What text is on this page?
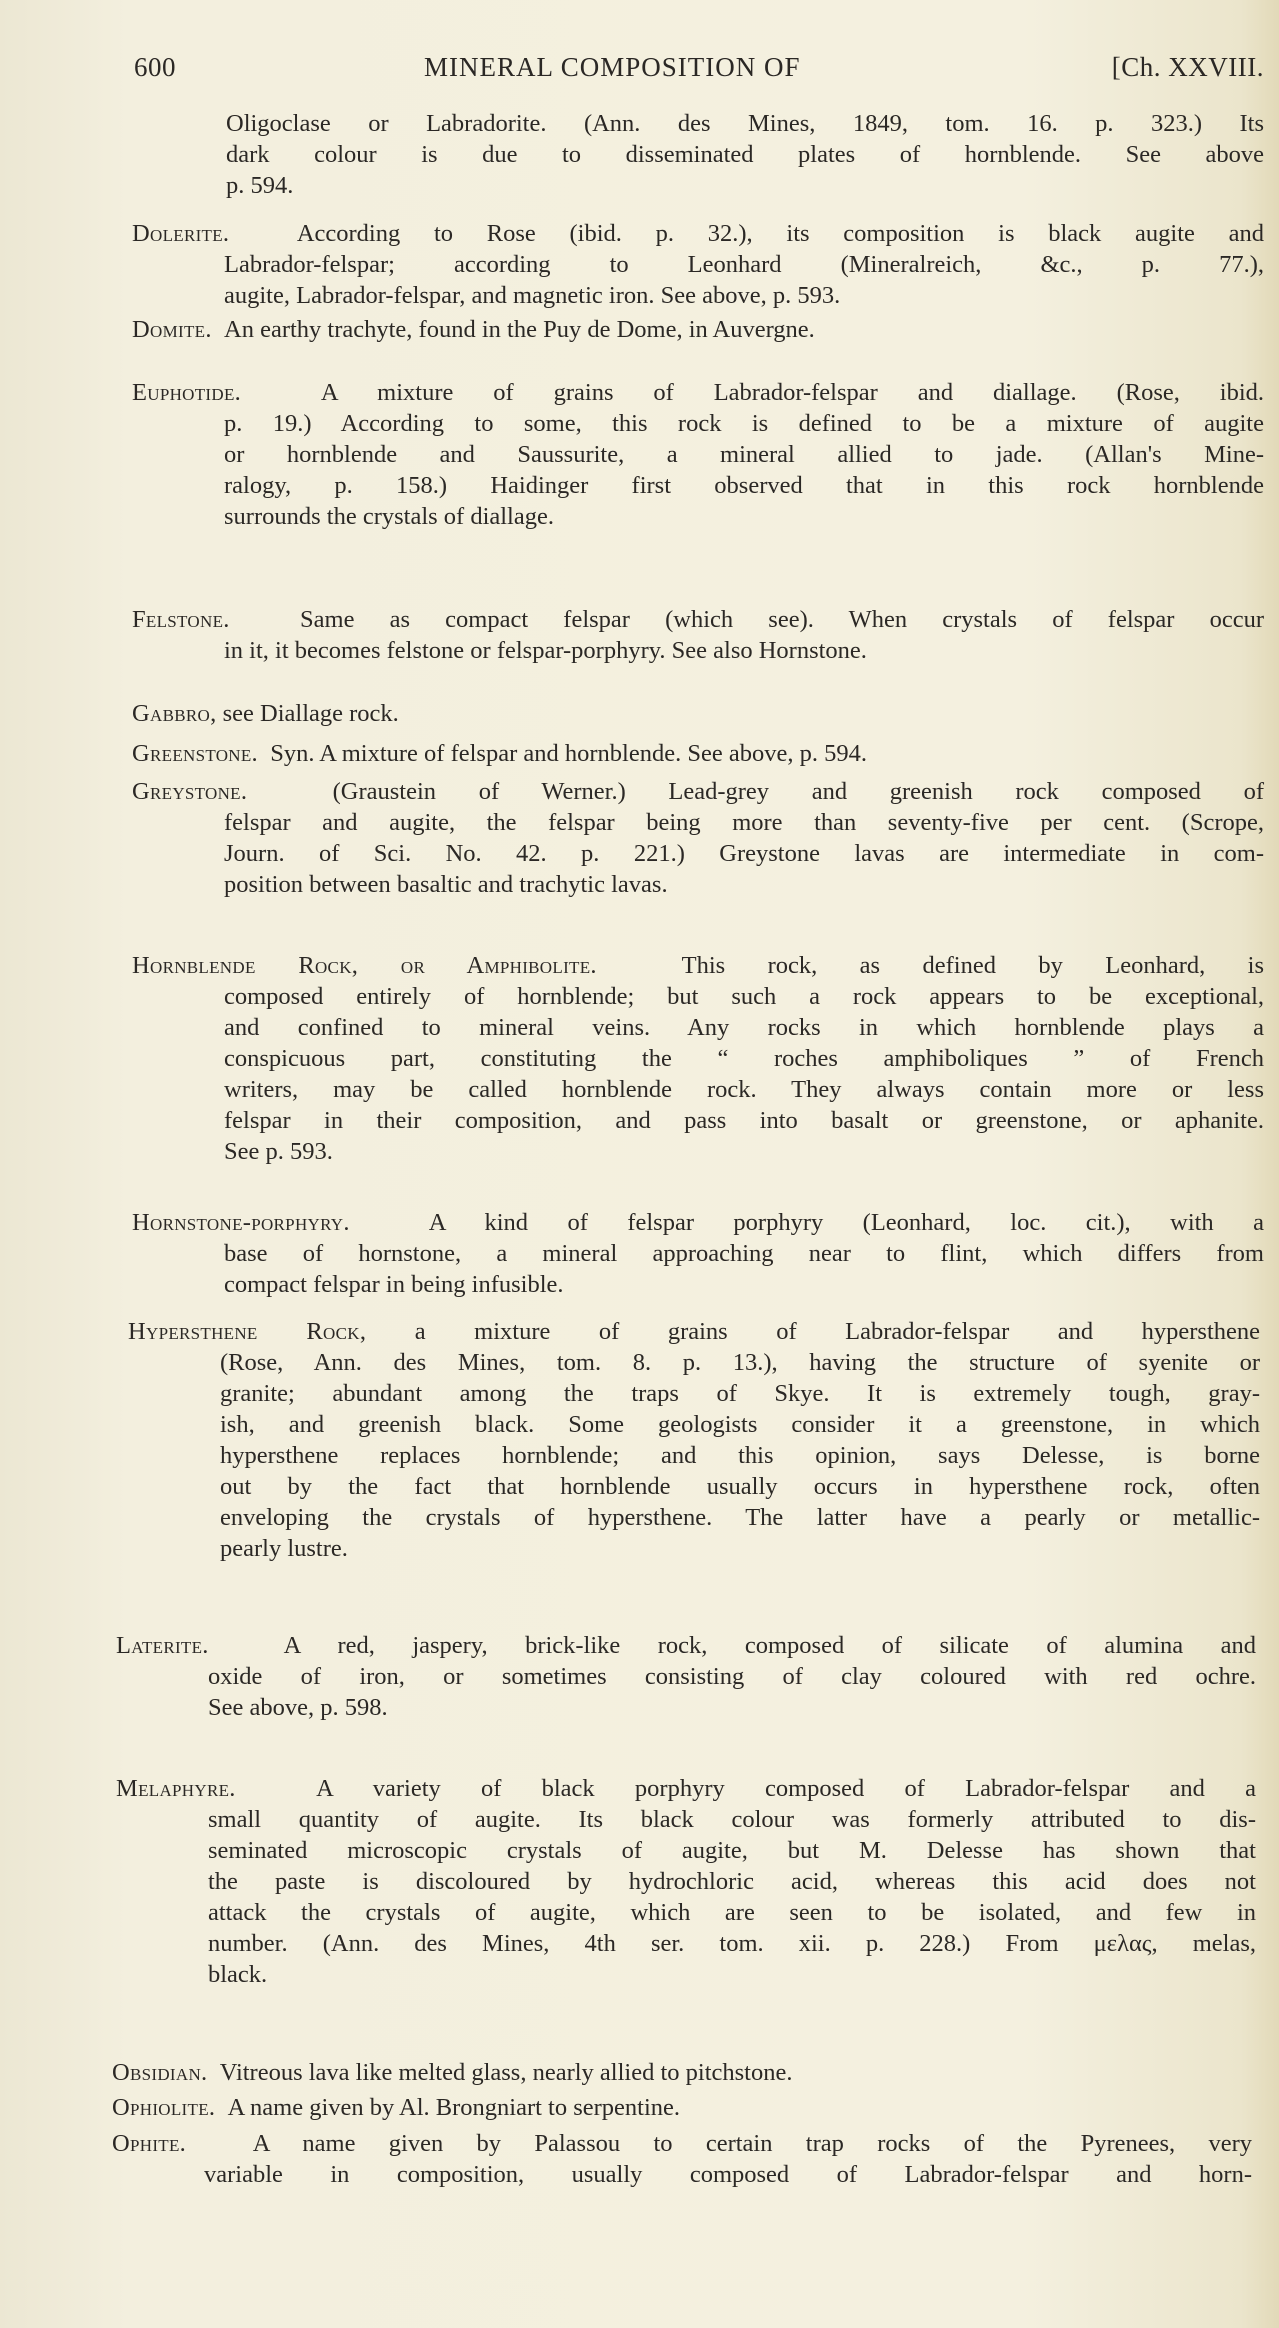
600	MINERAL COMPOSITION OF	[Ch. XXVIII.
Oligoclase or Labradorite. (Ann. des Mines, 1849, tom. 16. p. 323.) Its
dark colour is due to disseminated plates of hornblende. See above
p. 594.
Dolerite.	According to Rose (ibid. p. 32.), its composition is black augite and
Labrador-felspar; according to Leonhard (Mineralreich, &c., p. 77.),
augite, Labrador-felspar, and magnetic iron. See above, p. 593.
Domite. An earthy trachyte, found in the Puy de Dome, in Auvergne.
Euphotide.	A mixture of grains of Labrador-felspar and diallage. (Rose, ibid.
p. 19.) According to some, this rock is defined to be a mixture of augite
or hornblende and Saussurite, a mineral allied to jade. (Allan's Mine-
ralogy, p. 158.) Haidinger first observed that in this rock hornblende
surrounds the crystals of diallage.
Felstone.	Same as compact felspar (which see). When crystals of felspar occur
in it, it becomes felstone or felspar-porphyry. See also Hornstone.
Gabbro, see Diallage rock.
Greenstone. Syn. A mixture of felspar and hornblende. See above, p. 594.
Greystone.	(Graustein of Werner.) Lead-grey and greenish rock composed of
felspar and augite, the felspar being more than seventy-five per cent. (Scrope,
Journ. of Sci. No. 42. p. 221.) Greystone lavas are intermediate in com-
position between basaltic and trachytic lavas.
Hornblende Rock, or Amphibolite.	This rock, as defined by Leonhard, is
composed entirely of hornblende; but such a rock appears to be exceptional,
and confined to mineral veins. Any rocks in which hornblende plays a
conspicuous part, constituting the “ roches amphiboliques ” of French
writers, may be called hornblende rock. They always contain more or less
felspar in their composition, and pass into basalt or greenstone, or aphanite.
See p. 593.
Hornstone-porphyry.	A kind of felspar porphyry (Leonhard, loc. cit.), with a
base of hornstone, a mineral approaching near to flint, which differs from
compact felspar in being infusible.
Hypersthene Rock, a mixture of grains of Labrador-felspar and hypersthene
(Rose, Ann. des Mines, tom. 8. p. 13.), having the structure of syenite or
granite; abundant among the traps of Skye. It is extremely tough, gray-
ish, and greenish black. Some geologists consider it a greenstone, in which
hypersthene replaces hornblende; and this opinion, says Delesse, is borne
out by the fact that hornblende usually occurs in hypersthene rock, often
enveloping the crystals of hypersthene. The latter have a pearly or metallic-
pearly lustre.
Laterite.	A red, jaspery, brick-like rock, composed of silicate of alumina and
oxide of iron, or sometimes consisting of clay coloured with red ochre.
See above, p. 598.
Melaphyre.	A variety of black porphyry composed of Labrador-felspar and a
small quantity of augite. Its black colour was formerly attributed to dis-
seminated microscopic crystals of augite, but M. Delesse has shown that
the paste is discoloured by hydrochloric acid, whereas this acid does not
attack the crystals of augite, which are seen to be isolated, and few in
number. (Ann. des Mines, 4th ser. tom. xii. p. 228.) From μελας, melas,
black.
Obsidian. Vitreous lava like melted glass, nearly allied to pitchstone.
Ophiolite. A name given by Al. Brongniart to serpentine.
Ophite.	A name given by Palassou to certain trap rocks of the Pyrenees, very
variable in composition, usually composed of Labrador-felspar and horn-
